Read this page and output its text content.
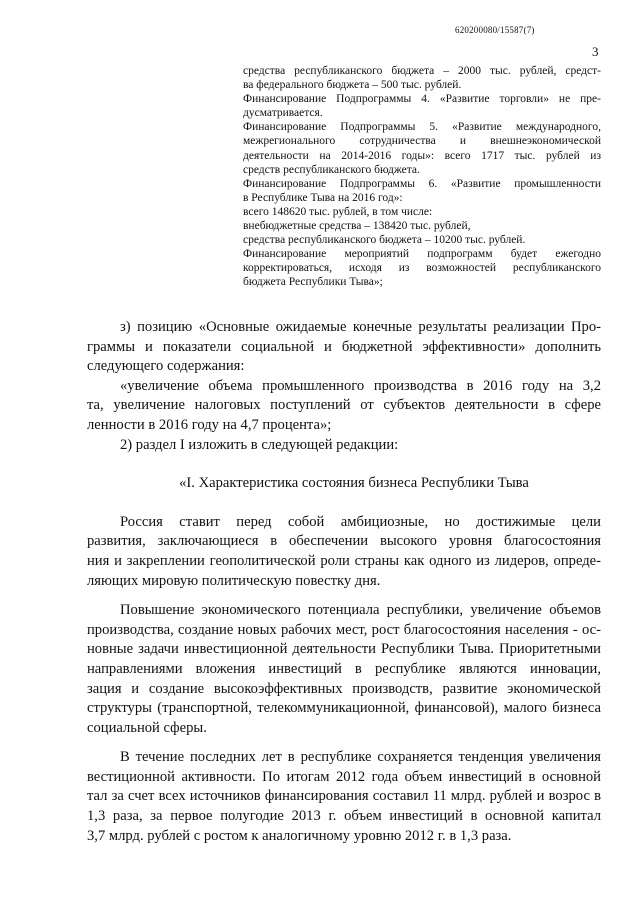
620200080/15587(7)
3
средства республиканского бюджета – 2000 тыс. рублей, средст-
ва федерального бюджета – 500 тыс. рублей.
Финансирование Подпрограммы 4. «Развитие торговли» не пре-
дусматривается.
Финансирование Подпрограммы 5. «Развитие международного,
межрегионального сотрудничества и внешнеэкономической
деятельности на 2014-2016 годы»: всего 1717 тыс. рублей из
средств республиканского бюджета.
Финансирование Подпрограммы 6. «Развитие промышленности
в Республике Тыва на 2016 год»:
всего 148620 тыс. рублей, в том числе:
внебюджетные средства – 138420 тыс. рублей,
средства республиканского бюджета – 10200 тыс. рублей.
Финансирование мероприятий подпрограмм будет ежегодно
корректироваться, исходя из возможностей республиканского
бюджета Республики Тыва»;
з) позицию «Основные ожидаемые конечные результаты реализации Про-
граммы и показатели социальной и бюджетной эффективности» дополнить
следующего содержания:
«увеличение объема промышленного производства в 2016 году на 3,2
та, увеличение налоговых поступлений от субъектов деятельности в сфере
ленности в 2016 году на 4,7 процента»;
2) раздел I изложить в следующей редакции:
«I. Характеристика состояния бизнеса Республики Тыва
Россия ставит перед собой амбициозные, но достижимые цели
развития, заключающиеся в обеспечении высокого уровня благосостояния
ния и закреплении геополитической роли страны как одного из лидеров, опреде-
ляющих мировую политическую повестку дня.
Повышение экономического потенциала республики, увеличение объемов
производства, создание новых рабочих мест, рост благосостояния населения - ос-
новные задачи инвестиционной деятельности Республики Тыва. Приоритетными
направлениями вложения инвестиций в республике являются инновации,
зация и создание высокоэффективных производств, развитие экономической
структуры (транспортной, телекоммуникационной, финансовой), малого бизнеса
социальной сферы.
В течение последних лет в республике сохраняется тенденция увеличения
вестиционной активности. По итогам 2012 года объем инвестиций в основной
тал за счет всех источников финансирования составил 11 млрд. рублей и возрос в
1,3 раза, за первое полугодие 2013 г. объем инвестиций в основной капитал
3,7 млрд. рублей с ростом к аналогичному уровню 2012 г. в 1,3 раза.
